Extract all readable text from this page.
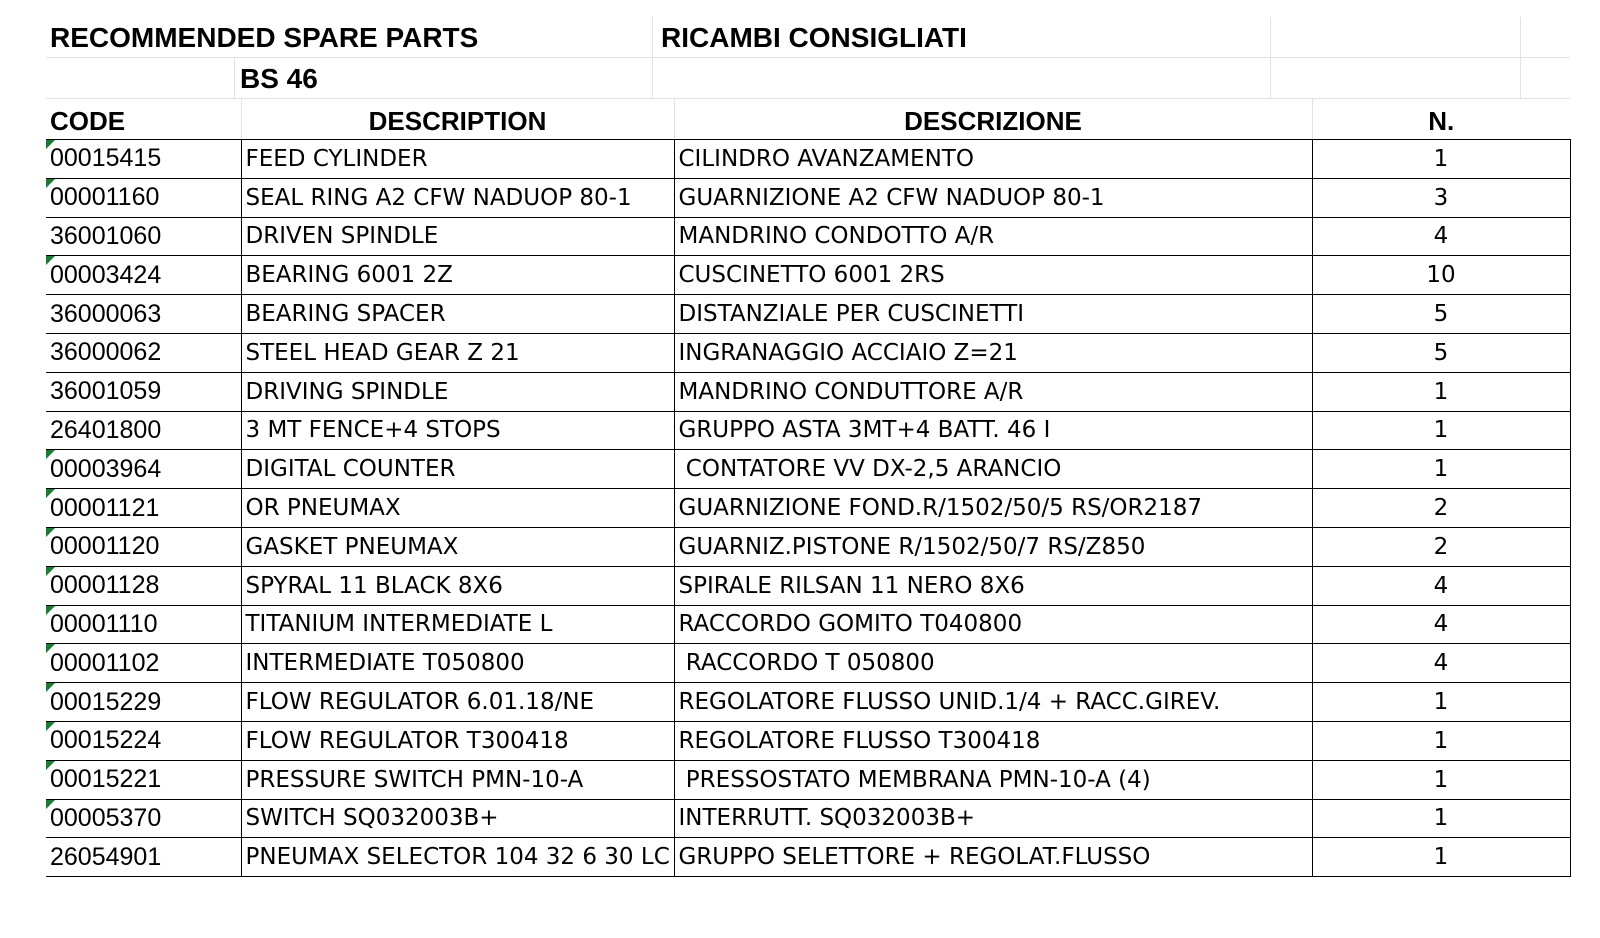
RECOMMENDED SPARE PARTS	RICAMBI CONSIGLIATI
BS 46
CODE	DESCRIPTION	DESCRIZIONE	N.

00015415	FEED CYLINDER	CILINDRO AVANZAMENTO	1

00001160	SEAL RING A2 CFW NADUOP 80-1	GUARNIZIONE A2 CFW NADUOP 80-1	3
36001060	DRIVEN SPINDLE	MANDRINO CONDOTTO A/R	4

00003424	BEARING 6001 2Z	CUSCINETTO 6001 2RS	10
36000063	BEARING SPACER	DISTANZIALE PER CUSCINETTI	5
36000062	STEEL HEAD GEAR Z 21	INGRANAGGIO ACCIAIO Z=21	5
36001059	DRIVING SPINDLE	MANDRINO CONDUTTORE A/R	1
26401800	3 MT FENCE+4 STOPS	GRUPPO ASTA 3MT+4 BATT. 46 I	1

00003964	DIGITAL COUNTER	CONTATORE VV DX-2,5 ARANCIO	1

00001121	OR PNEUMAX	GUARNIZIONE FOND.R/1502/50/5 RS/OR2187	2

00001120	GASKET PNEUMAX	GUARNIZ.PISTONE R/1502/50/7 RS/Z850	2

00001128	SPYRAL 11 BLACK 8X6	SPIRALE RILSAN 11 NERO 8X6	4

00001110	TITANIUM INTERMEDIATE L	RACCORDO GOMITO T040800	4

00001102	INTERMEDIATE T050800	RACCORDO T 050800	4

00015229	FLOW REGULATOR 6.01.18/NE	REGOLATORE FLUSSO UNID.1/4 + RACC.GIREV.	1

00015224	FLOW REGULATOR T300418	REGOLATORE FLUSSO T300418	1

00015221	PRESSURE SWITCH PMN-10-A	PRESSOSTATO MEMBRANA PMN-10-A (4)	1

00005370	SWITCH SQ032003B+	INTERRUTT. SQ032003B+	1
26054901	PNEUMAX SELECTOR 104 32 6 30 LC	GRUPPO SELETTORE + REGOLAT.FLUSSO	1
